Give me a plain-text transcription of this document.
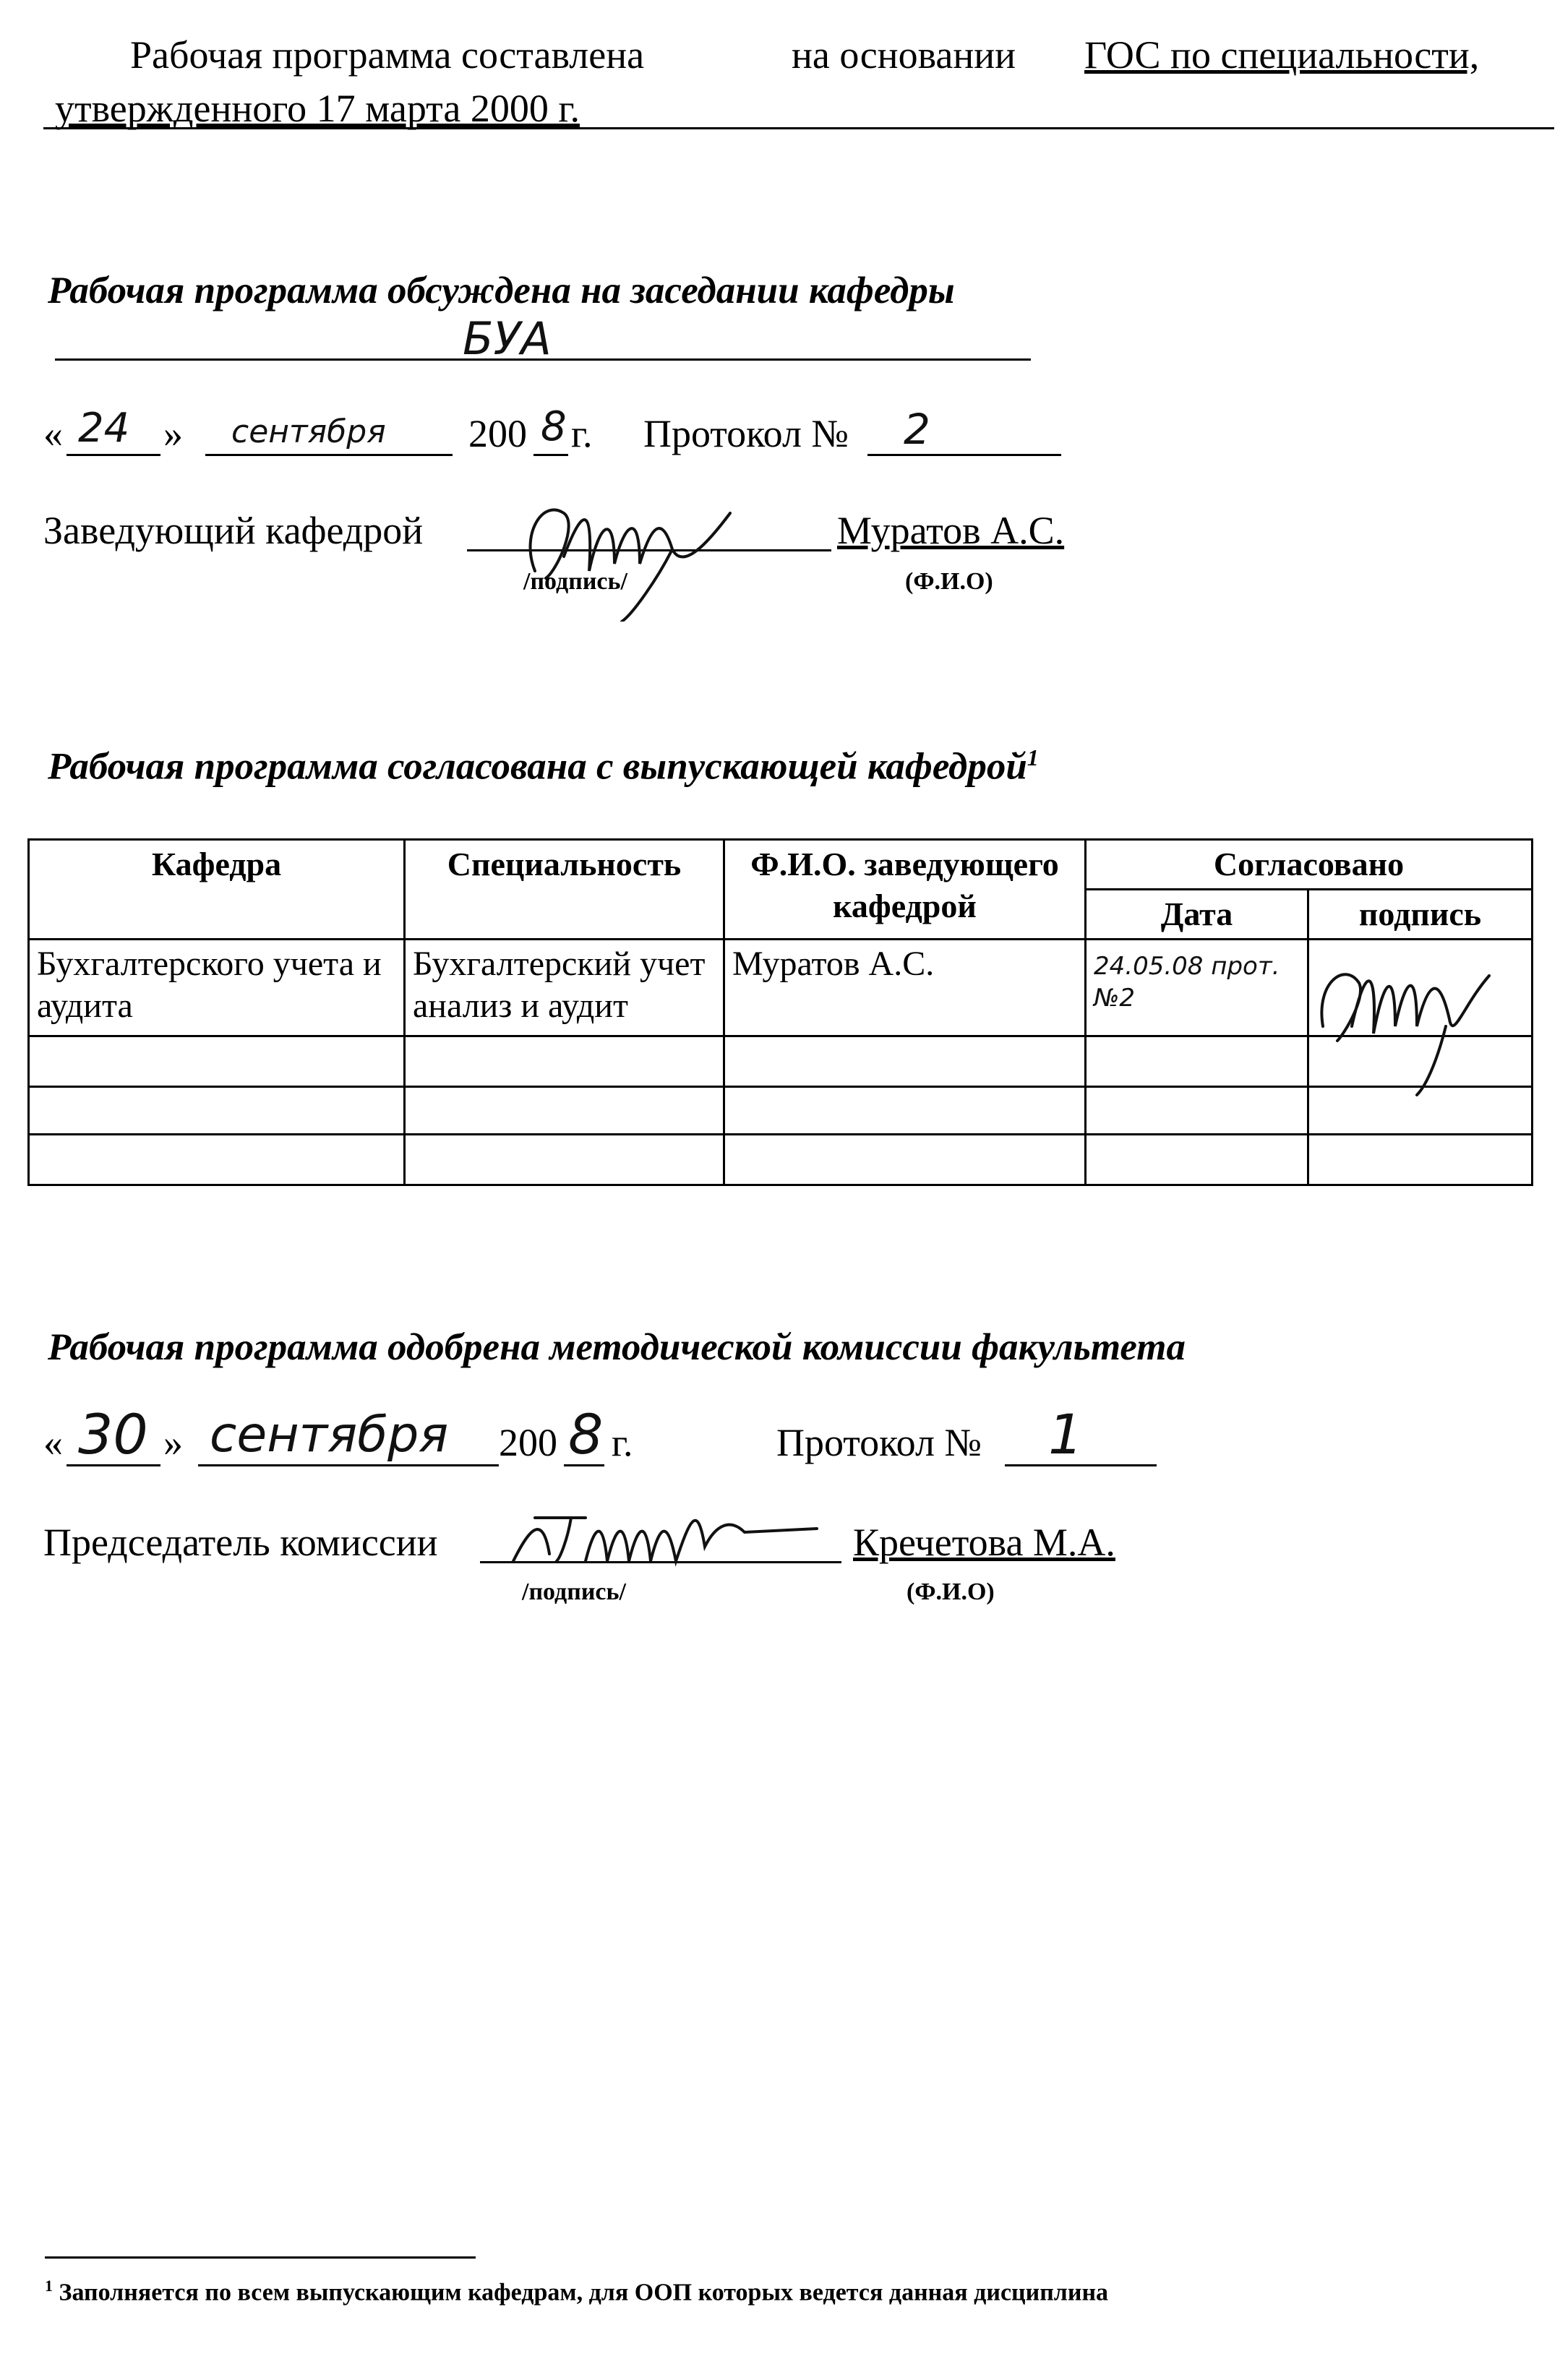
Рабочая программа составлена	на основании ГОС по специальности,
утвержденного 17 марта 2000 г.
Рабочая программа обсуждена на заседании кафедры
БУА
« 24 » сентября 200 8 г. Протокол № 2
Заведующий кафедрой	Муратов А.С.
/подпись/	(Ф.И.О)
Рабочая программа согласована с выпускающей кафедрой$^1$
Кафедра	Специальность	Ф.И.О. заведующего кафедрой	Согласовано	
			Дата	подпись
Бухгалтерского учета и аудита	Бухгалтерский учет анализ и аудит	Муратов А.С.	24.05.08 прот. №2	

Рабочая программа одобрена методической комиссии факультета
« 30 » сентября 200 8 г.	Протокол № 1
Председатель комиссии	Кречетова М.А.
/подпись/	(Ф.И.О)
$^1$ Заполняется по всем выпускающим кафедрам, для ООП которых ведется данная дисциплина
